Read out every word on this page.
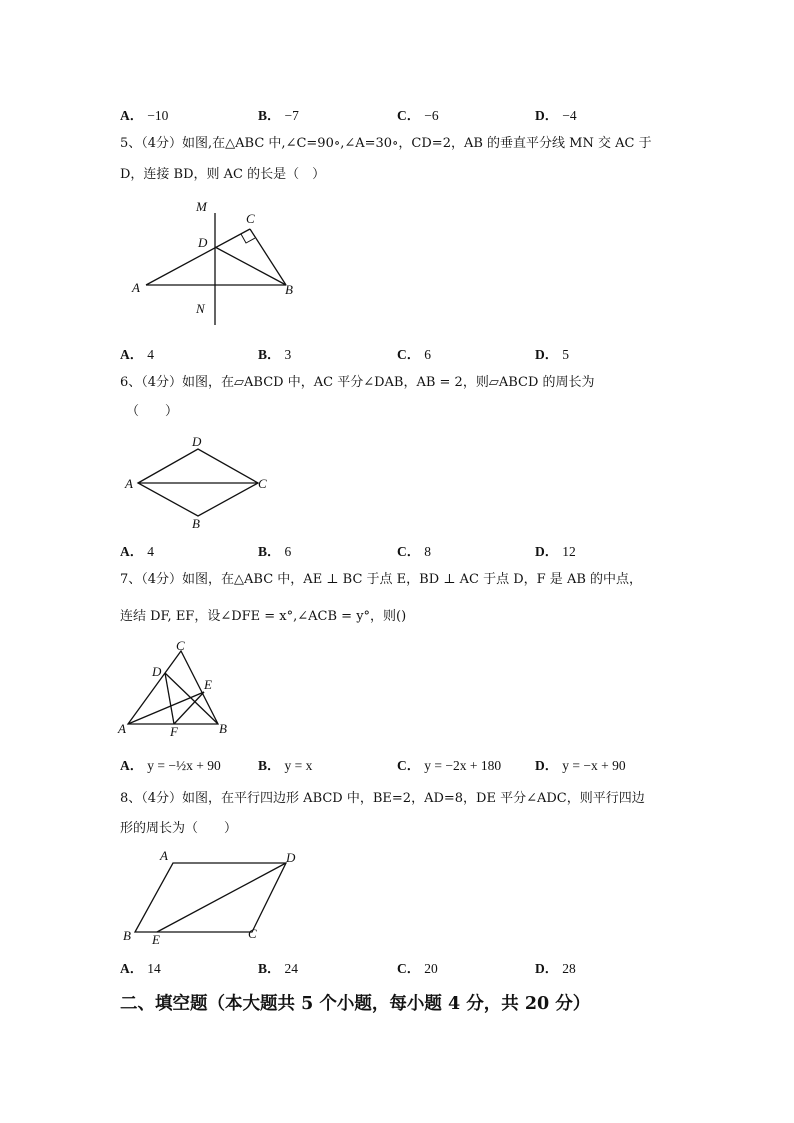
A． −10	B． −7	C． −6	D． −4
5、（4分）如图,在△ABC 中,∠C=90∘,∠A=30∘，CD=2，AB 的垂直平分线 MN 交 AC 于
D，连接 BD，则 AC 的长是（　）
M
C
D
A	B
N
A． 4	B． 3	C． 6	D． 5
6、（4分）如图，在▱ABCD 中，AC 平分∠DAB，AB = 2，则▱ABCD 的周长为
（　　）
D
A	C
B
A． 4	B． 6	C． 8	D． 12
7、（4分）如图，在△ABC 中，AE ⊥ BC 于点 E，BD ⊥ AC 于点 D，F 是 AB 的中点，
连结 DF, EF，设∠DFE = x°,∠ACB = y°，则()
C
D
E
A	F	B
A． y = −½x + 90	B． y = x	C． y = −2x + 180	D． y = −x + 90
8、（4分）如图，在平行四边形 ABCD 中，BE=2，AD=8，DE 平分∠ADC，则平行四边
形的周长为（　　）
A	D
B E	C
A． 14	B． 24	C． 20	D． 28
二、填空题（本大题共 5 个小题，每小题 4 分，共 20 分）
